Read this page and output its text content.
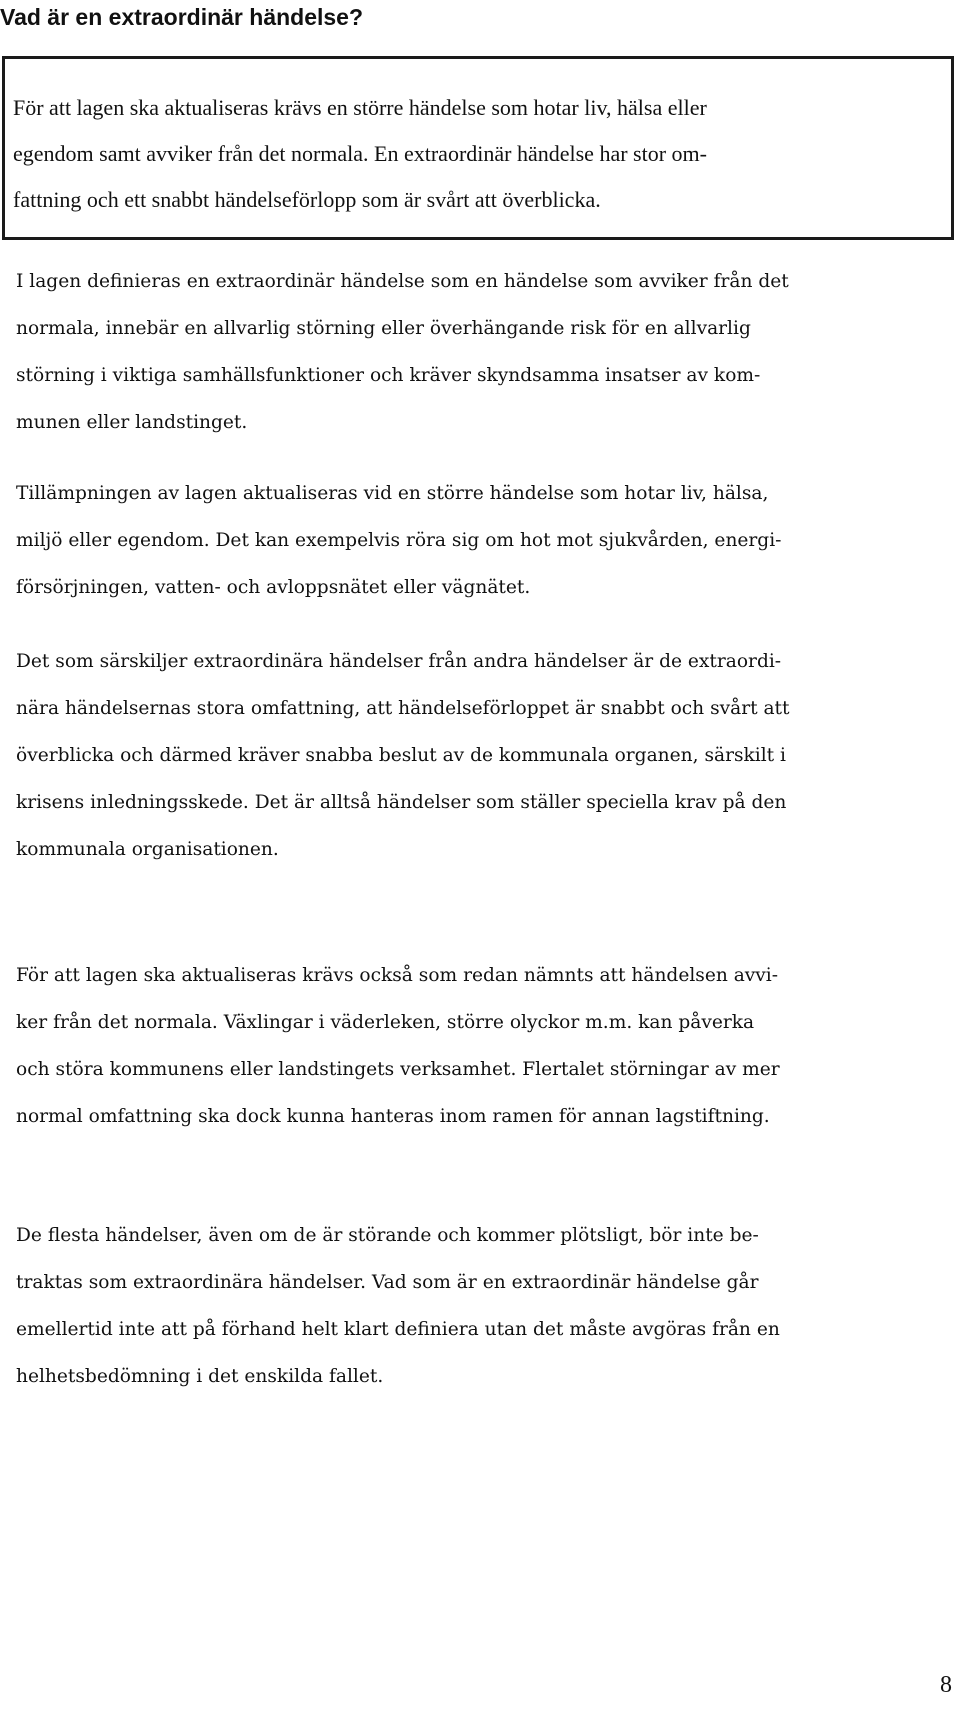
Vad är en extraordinär händelse?
För att lagen ska aktualiseras krävs en större händelse som hotar liv, hälsa eller
egendom samt avviker från det normala. En extraordinär händelse har stor om-
fattning och ett snabbt händelseförlopp som är svårt att överblicka.
I lagen definieras en extraordinär händelse som en händelse som avviker från det
normala, innebär en allvarlig störning eller överhängande risk för en allvarlig
störning i viktiga samhällsfunktioner och kräver skyndsamma insatser av kom-
munen eller landstinget.
Tillämpningen av lagen aktualiseras vid en större händelse som hotar liv, hälsa,
miljö eller egendom. Det kan exempelvis röra sig om hot mot sjukvården, energi-
försörjningen, vatten- och avloppsnätet eller vägnätet.
Det som särskiljer extraordinära händelser från andra händelser är de extraordi-
nära händelsernas stora omfattning, att händelseförloppet är snabbt och svårt att
överblicka och därmed kräver snabba beslut av de kommunala organen, särskilt i
krisens inledningsskede. Det är alltså händelser som ställer speciella krav på den
kommunala organisationen.
För att lagen ska aktualiseras krävs också som redan nämnts att händelsen avvi-
ker från det normala. Växlingar i väderleken, större olyckor m.m. kan påverka
och störa kommunens eller landstingets verksamhet. Flertalet störningar av mer
normal omfattning ska dock kunna hanteras inom ramen för annan lagstiftning.
De flesta händelser, även om de är störande och kommer plötsligt, bör inte be-
traktas som extraordinära händelser. Vad som är en extraordinär händelse går
emellertid inte att på förhand helt klart definiera utan det måste avgöras från en
helhetsbedömning i det enskilda fallet.
8
